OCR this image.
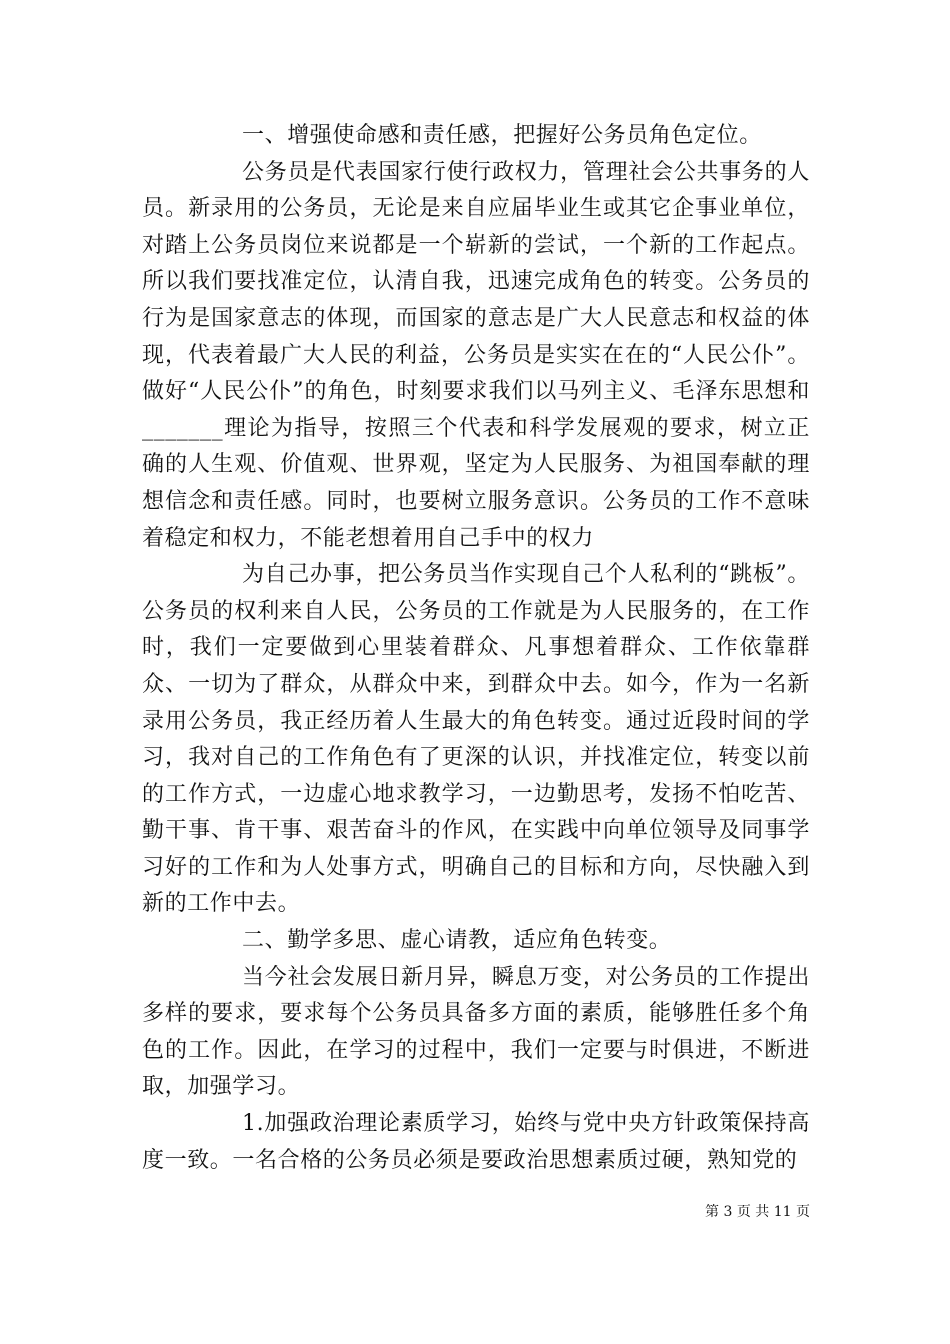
一、增强使命感和责任感，把握好公务员角色定位。

公务员是代表国家行使行政权力，管理社会公共事务的人员。新录用的公务员，无论是来自应届毕业生或其它企事业单位，对踏上公务员岗位来说都是一个崭新的尝试，一个新的工作起点。所以我们要找准定位，认清自我，迅速完成角色的转变。公务员的行为是国家意志的体现，而国家的意志是广大人民意志和权益的体现，代表着最广大人民的利益，公务员是实实在在的“人民公仆”。做好“人民公仆”的角色，时刻要求我们以马列主义、毛泽东思想和_______理论为指导，按照三个代表和科学发展观的要求，树立正确的人生观、价值观、世界观，坚定为人民服务、为祖国奉献的理想信念和责任感。同时，也要树立服务意识。公务员的工作不意味着稳定和权力，不能老想着用自己手中的权力

为自己办事，把公务员当作实现自己个人私利的“跳板”。公务员的权利来自人民，公务员的工作就是为人民服务的，在工作时，我们一定要做到心里装着群众、凡事想着群众、工作依靠群众、一切为了群众，从群众中来，到群众中去。如今，作为一名新录用公务员，我正经历着人生最大的角色转变。通过近段时间的学习，我对自己的工作角色有了更深的认识，并找准定位，转变以前的工作方式，一边虚心地求教学习，一边勤思考，发扬不怕吃苦、勤干事、肯干事、艰苦奋斗的作风，在实践中向单位领导及同事学习好的工作和为人处事方式，明确自己的目标和方向，尽快融入到新的工作中去。

二、勤学多思、虚心请教，适应角色转变。

当今社会发展日新月异，瞬息万变，对公务员的工作提出多样的要求，要求每个公务员具备多方面的素质，能够胜任多个角色的工作。因此，在学习的过程中，我们一定要与时俱进，不断进取，加强学习。

1.加强政治理论素质学习，始终与党中央方针政策保持高度一致。一名合格的公务员必须是要政治思想素质过硬，熟知党的

第 3 页 共 11 页
